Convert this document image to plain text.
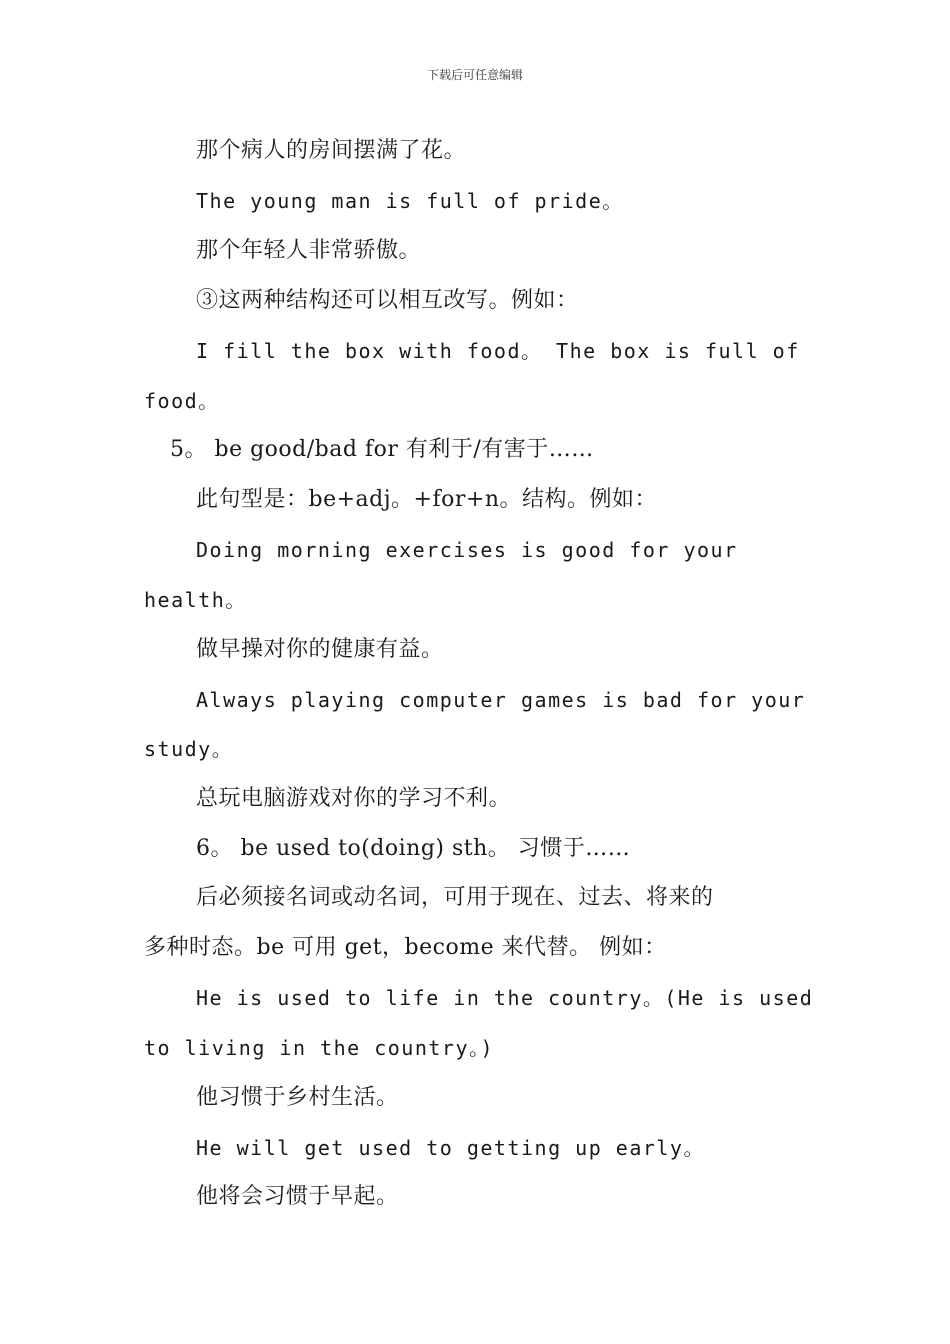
下载后可任意编辑
那个病人的房间摆满了花。
The young man is full of pride。
那个年轻人非常骄傲。
③这两种结构还可以相互改写。例如：
I fill the box with food。 The box is full of
food。
5。 be good/bad for 有利于/有害于……
此句型是：be+adj。+for+n。结构。例如：
Doing morning exercises is good for your
health。
做早操对你的健康有益。
Always playing computer games is bad for your
study。
总玩电脑游戏对你的学习不利。
6。 be used to(doing) sth。 习惯于……
后必须接名词或动名词，可用于现在、过去、将来的
多种时态。be 可用 get，become 来代替。 例如：
He is used to life in the country。(He is used
to living in the country。)
他习惯于乡村生活。
He will get used to getting up early。
他将会习惯于早起。
